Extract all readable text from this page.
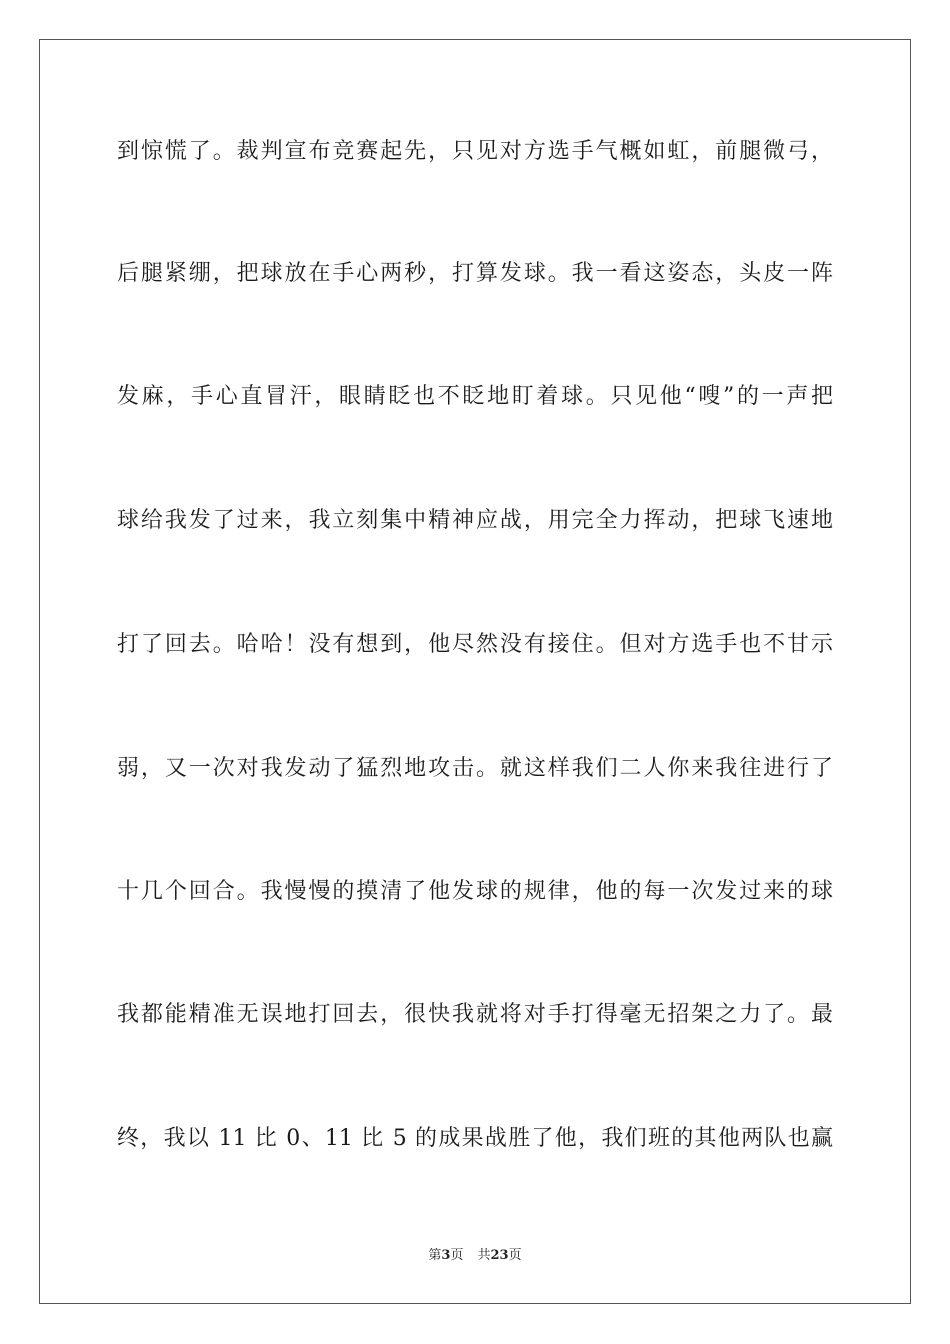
到惊慌了。裁判宣布竞赛起先，只见对方选手气概如虹，前腿微弓，
后腿紧绷，把球放在手心两秒，打算发球。我一看这姿态，头皮一阵
发麻，手心直冒汗，眼睛眨也不眨地盯着球。只见他“嗖”的一声把
球给我发了过来，我立刻集中精神应战，用完全力挥动，把球飞速地
打了回去。哈哈！没有想到，他尽然没有接住。但对方选手也不甘示
弱，又一次对我发动了猛烈地攻击。就这样我们二人你来我往进行了
十几个回合。我慢慢的摸清了他发球的规律，他的每一次发过来的球
我都能精准无误地打回去，很快我就将对手打得毫无招架之力了。最
终，我以 11 比 0、11 比 5 的成果战胜了他，我们班的其他两队也赢
第3页 共23页
